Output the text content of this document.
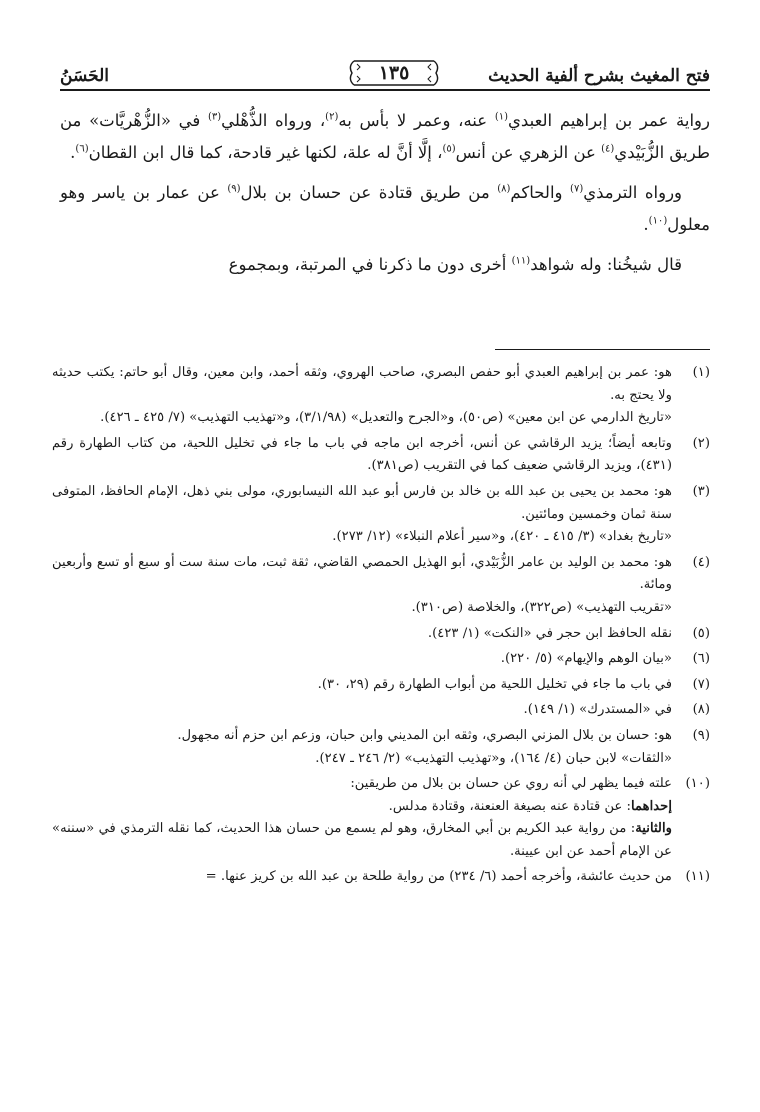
فتح المغيث بشرح ألفية الحديث
١٣٥
الحَسَنُ

رواية عمر بن إبراهيم العبدي$^{(١)}$ عنه، وعمر لا بأس به$^{(٢)}$، ورواه الذُّهْلي$^{(٣)}$ في «الزُّهْريَّات» من طريق الزُّبَيْدي$^{(٤)}$ عن الزهري عن أنس$^{(٥)}$، إلَّا أنَّ له علة، لكنها غير قادحة، كما قال ابن القطان$^{(٦)}$.

ورواه الترمذي$^{(٧)}$ والحاكم$^{(٨)}$ من طريق قتادة عن حسان بن بلال$^{(٩)}$ عن عمار بن ياسر وهو معلول$^{(١٠)}$.

قال شيخُنا: وله شواهد$^{(١١)}$ أخرى دون ما ذكرنا في المرتبة، وبمجموع

(١)
هو: عمر بن إبراهيم العبدي أبو حفص البصري، صاحب الهروي، وثقه أحمد، وابن معين، وقال أبو حاتم: يكتب حديثه ولا يحتج به.
«تاريخ الدارمي عن ابن معين» (ص٥٠)، و«الجرح والتعديل» (٣/١/٩٨)، و«تهذيب التهذيب» (٧/ ٤٢٥ ـ ٤٢٦).
(٢)
وتابعه أيضاً؛ يزيد الرقاشي عن أنس، أخرجه ابن ماجه في باب ما جاء في تخليل اللحية، من كتاب الطهارة رقم (٤٣١)، ويزيد الرقاشي ضعيف كما في التقريب (ص٣٨١).
(٣)
هو: محمد بن يحيى بن عبد الله بن خالد بن فارس أبو عبد الله النيسابوري، مولى بني ذهل، الإمام الحافظ، المتوفى سنة ثمان وخمسين ومائتين.
«تاريخ بغداد» (٣/ ٤١٥ ـ ٤٢٠)، و«سير أعلام النبلاء» (١٢/ ٢٧٣).
(٤)
هو: محمد بن الوليد بن عامر الزُّبَيْدي، أبو الهذيل الحمصي القاضي، ثقة ثبت، مات سنة ست أو سبع أو تسع وأربعين ومائة.
«تقريب التهذيب» (ص٣٢٢)، والخلاصة (ص٣١٠).
(٥)
نقله الحافظ ابن حجر في «النكت» (١/ ٤٢٣).
(٦)
«بيان الوهم والإيهام» (٥/ ٢٢٠).
(٧)
في باب ما جاء في تخليل اللحية من أبواب الطهارة رقم (٢٩، ٣٠).
(٨)
في «المستدرك» (١/ ١٤٩).
(٩)
هو: حسان بن بلال المزني البصري، وثقه ابن المديني وابن حبان، وزعم ابن حزم أنه مجهول.
«الثقات» لابن حبان (٤/ ١٦٤)، و«تهذيب التهذيب» (٢/ ٢٤٦ ـ ٢٤٧).
(١٠)
علته فيما يظهر لي أنه روي عن حسان بن بلال من طريقين:
إحداهما: عن قتادة عنه بصيغة العنعنة، وقتادة مدلس.
والثانية: من رواية عبد الكريم بن أبي المخارق، وهو لم يسمع من حسان هذا الحديث، كما نقله الترمذي في «سننه» عن الإمام أحمد عن ابن عيينة.
(١١)
من حديث عائشة، وأخرجه أحمد (٦/ ٢٣٤) من رواية طلحة بن عبد الله بن كريز عنها. =
